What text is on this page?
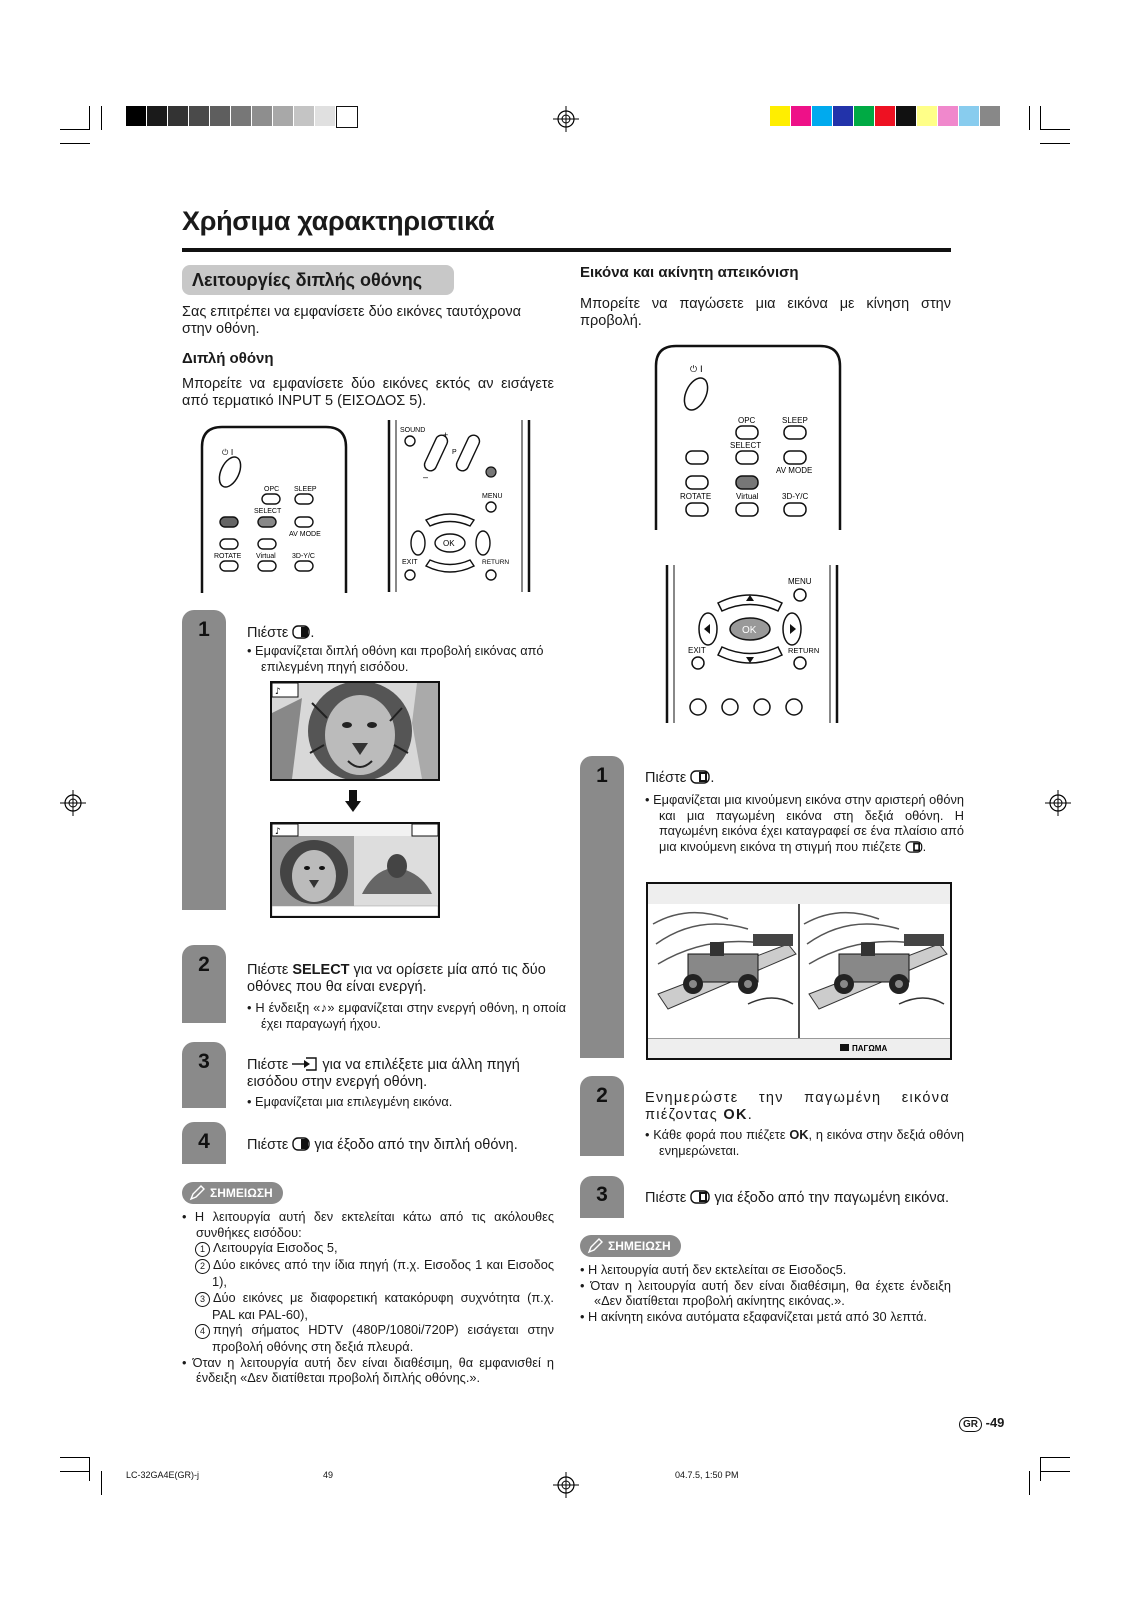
Χρήσιμα χαρακτηριστικά
Λειτουργίες διπλής οθόνης
Σας επιτρέπει να εμφανίσετε δύο εικόνες ταυτόχρονα στην οθόνη.
Διπλή οθόνη
Μπορείτε να εμφανίσετε δύο εικόνες εκτός αν εισάγετε από τερματικό INPUT 5 (ΕΙΣΟΔΟΣ 5).
⏻ I
OPC SLEEP
SELECT
AV MODE
ROTATE Virtual 3D-Y/C
SOUND +
P
–
MENU
OK
EXIT	RETURN
1	Πιέστε .
• Εμφανίζεται διπλή οθόνη και προβολή εικόνας από επιλεγμένη πηγή εισόδου.
♪
♪
2	Πιέστε SELECT για να ορίσετε μία από τις δύο οθόνες που θα είναι ενεργή.
• Η ένδειξη «♪» εμφανίζεται στην ενεργή οθόνη, η οποία έχει παραγωγή ήχου.
3	Πιέστε  για να επιλέξετε μια άλλη πηγή εισόδου στην ενεργή οθόνη.
• Εμφανίζεται μια επιλεγμένη εικόνα.
4	Πιέστε  για έξοδο από την διπλή οθόνη.
ΣΗΜΕΙΩΣΗ
• Η λειτουργία αυτή δεν εκτελείται κάτω από τις ακόλουθες συνθήκες εισόδου:
1 Λειτουργία Εισοδος 5,
2 Δύο εικόνες από την ίδια πηγή (π.χ. Εισοδος 1 και Εισοδος 1),
3 Δύο εικόνες με διαφορετική κατακόρυφη συχνότητα (π.χ. PAL και PAL-60),
4 πηγή σήματος HDTV (480P/1080i/720P) εισάγεται στην προβολή οθόνης στη δεξιά πλευρά.
• Όταν η λειτουργία αυτή δεν είναι διαθέσιμη, θα εμφανισθεί η ένδειξη «Δεν διατίθεται προβολή διπλής οθόνης.».
Εικόνα και ακίνητη απεικόνιση
Μπορείτε να παγώσετε μια εικόνα με κίνηση στην προβολή.
⏻ I
OPC	SLEEP
SELECT
AV MODE
ROTATE	Virtual	3D-Y/C
MENU
OK
EXIT	RETURN
1	Πιέστε .
• Εμφανίζεται μια κινούμενη εικόνα στην αριστερή οθόνη και μια παγωμένη εικόνα στη δεξιά οθόνη. Η παγωμένη εικόνα έχει καταγραφεί σε ένα πλαίσιο από μια κινούμενη εικόνα τη στιγμή που πιέζετε .
ΠΑΓΩΜΑ
2	Ενημερώστε την παγωμένη εικόνα πιέζοντας OK.
• Κάθε φορά που πιέζετε OK, η εικόνα στην δεξιά οθόνη ενημερώνεται.
3	Πιέστε  για έξοδο από την παγωμένη εικόνα.
ΣΗΜΕΙΩΣΗ
• Η λειτουργία αυτή δεν εκτελείται σε Εισοδος5.
• Όταν η λειτουργία αυτή δεν είναι διαθέσιμη, θα έχετε ένδειξη «Δεν διατίθεται προβολή ακίνητης εικόνας.».
• Η ακίνητη εικόνα αυτόματα εξαφανίζεται μετά από 30 λεπτά.
GR -49
LC-32GA4E(GR)-j	49	04.7.5, 1:50 PM
